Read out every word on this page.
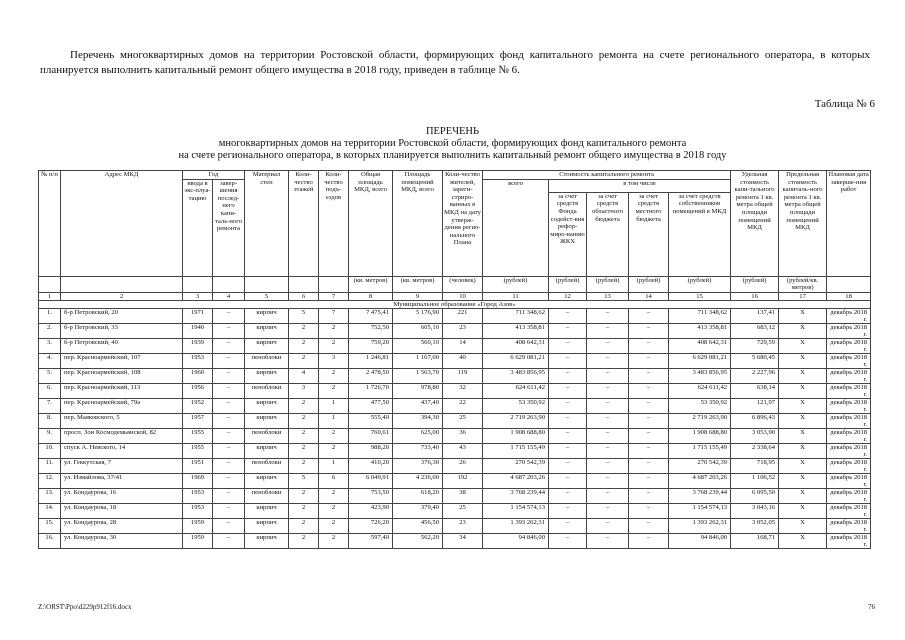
Перечень многоквартирных домов на территории Ростовской области, формирующих фонд капитального ремонта на счете регионального оператора, в которых планируется выполнить капитальный ремонт общего имущества в 2018 году, приведен в таблице № 6.
Таблица № 6
ПЕРЕЧЕНЬ
многоквартирных домов на территории Ростовской области, формирующих фонд капитального ремонта
на счете регионального оператора, в которых планируется выполнить капитальный ремонт общего имущества в 2018 году
№ п/п	Адрес МКД	Год		Материал стен	Коли-чество этажей	Коли-чество подъ-ездов	Общая площадь МКД, всего	Площадь помещений МКД, всего	Коли-чество жителей, зареги-стриро-ванных в МКД на дату утверж-дения регио-нального Плана	Стоимость капитального ремонта					Удельная стоимость капи-тального ремонта 1 кв. метра общей площади помещений МКД	Предельная стоимость капиталь-ного ремонта 1 кв. метра общей площади помещений МКД	Плановая дата заверше-ния работ
		ввода в экс-плуа-тацию	завер-шения послед-него капи-таль-ного ремонта							всего	в том числе						
											за счет средств Фонда содейст-вия рефор-миро-ванию ЖКХ	за счет средств областного бюджета	за счет средств местного бюджета	за счет средств собственников помещений в МКД			
							(кв. метров)	(кв. метров)	(человек)	(рублей)	(рублей)	(рублей)	(рублей)	(рублей)	(рублей)	(рублей/кв. метров)	
1	2	3	4	5	6	7	8	9	10	11	12	13	14	15	16	17	18
Муниципальное образование «Город Азов»																	
1.	б-р Петровский, 20	1971	–	кирпич	5	7	7 475,41	5 176,90	221	711 348,62	–	–	–	711 348,62	137,41	X	декабрь 2018 г.
2.	б-р Петровский, 33	1940	–	кирпич	2	2	752,50	605,10	23	413 358,81	–	–	–	413 358,81	683,12	X	декабрь 2018 г.
3.	б-р Петровский, 40	1939	–	кирпич	2	2	759,20	560,10	14	408 642,31	–	–	–	408 642,31	729,59	X	декабрь 2018 г.
4.	пер. Красноармейский, 107	1953	–	пеноблоки	2	3	1 246,81	1 167,00	40	6 629 081,21	–	–	–	6 629 081,21	5 680,45	X	декабрь 2018 г.
5.	пер. Красноармейский, 108	1960	–	кирпич	4	2	2 478,50	1 563,70	119	3 483 856,95	–	–	–	3 483 856,95	2 227,96	X	декабрь 2018 г.
6.	пер. Красноармейский, 113	1956	–	пеноблоки	3	2	1 726,70	978,80	32	624 611,42	–	–	–	624 611,42	638,14	X	декабрь 2018 г.
7.	пер. Красноармейский, 79а	1952	–	кирпич	2	1	477,50	437,40	22	53 350,92	–	–	–	53 350,92	121,97	X	декабрь 2018 г.
8.	пер. Маяковского, 5	1957	–	кирпич	2	1	555,40	394,30	25	2 719 263,90	–	–	–	2 719 263,90	6 896,43	X	декабрь 2018 г.
9.	просп. Зои Космодемьянской, 82	1955	–	пеноблоки	2	2	760,61	625,00	36	1 908 688,80	–	–	–	1 908 688,80	3 053,90	X	декабрь 2018 г.
10.	спуск А. Невского, 14	1955	–	кирпич	2	2	988,20	733,40	43	1 715 155,49	–	–	–	1 715 155,49	2 338,64	X	декабрь 2018 г.
11.	ул. Геккутская, 7	1951	–	пеноблоки	2	1	410,20	376,30	26	270 542,39	–	–	–	270 542,39	718,95	X	декабрь 2018 г.
12.	ул. Измайлова, 37/41	1969	–	кирпич	5	6	6 049,91	4 236,00	192	4 687 203,26	–	–	–	4 687 203,26	1 106,52	X	декабрь 2018 г.
13.	ул. Кондаурова, 16	1953	–	пеноблоки	2	2	753,50	618,20	38	3 768 239,44	–	–	–	3 768 239,44	6 095,50	X	декабрь 2018 г.
14.	ул. Кондаурова, 18	1953	–	кирпич	2	2	423,90	379,40	25	1 154 574,13	–	–	–	1 154 574,13	3 043,16	X	декабрь 2018 г.
15.	ул. Кондаурова, 28	1959	–	кирпич	2	2	726,20	456,50	23	1 393 262,31	–	–	–	1 393 262,31	3 052,05	X	декабрь 2018 г.
16.	ул. Кондаурова, 30	1959	–	кирпич	2	2	597,40	562,20	34	94 846,00	–	–	–	94 846,00	168,71	X	декабрь 2018 г.
Z:\ORST\Ppo\d229p912f16.docx	76
